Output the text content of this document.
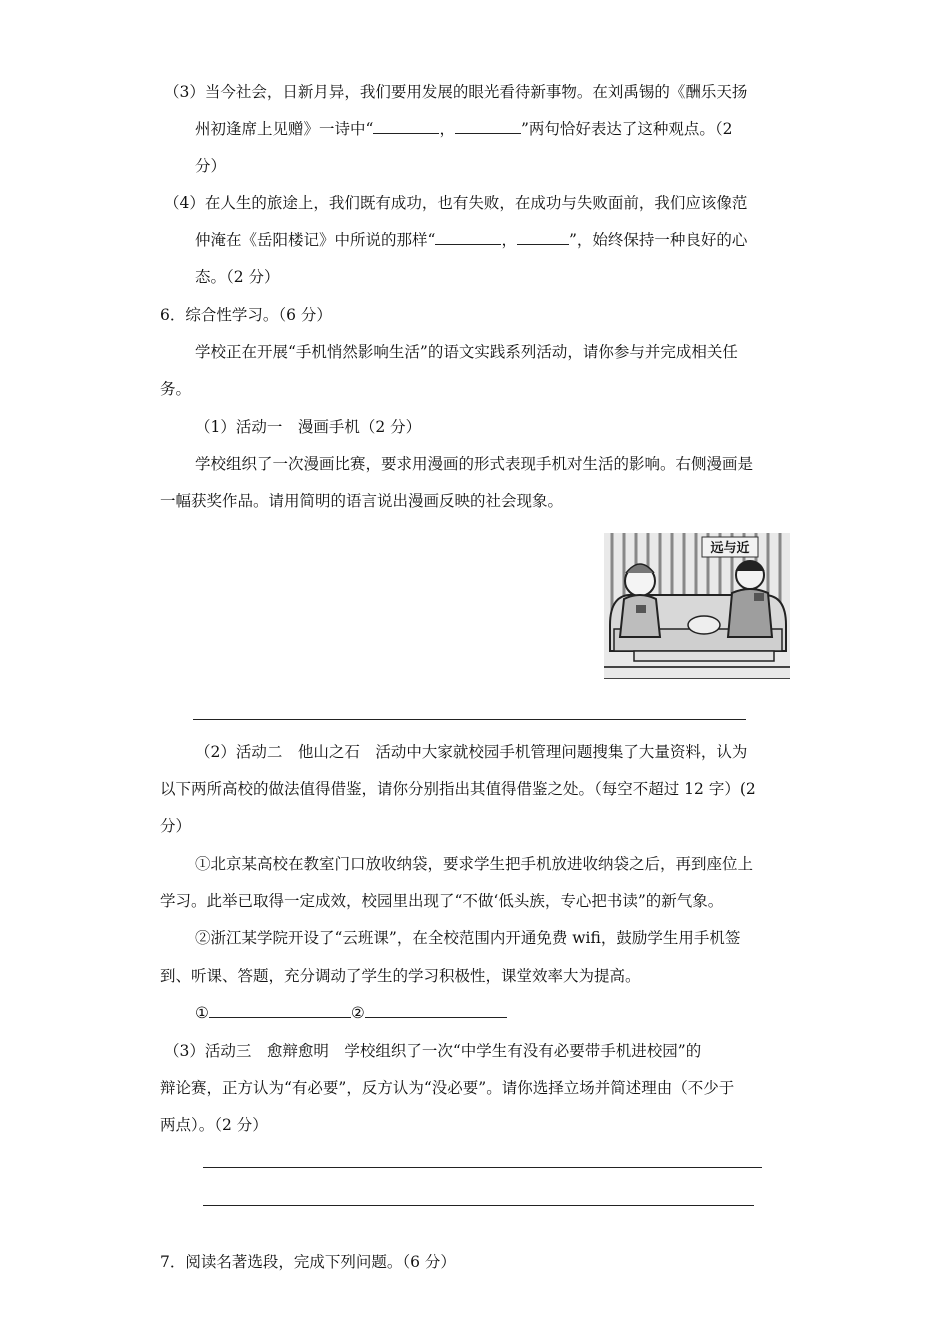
（3）当今社会，日新月异，我们要用发展的眼光看待新事物。在刘禹锡的《酬乐天扬
州初逢席上见赠》一诗中“	，	”两句恰好表达了这种观点。（2
分）
（4）在人生的旅途上，我们既有成功，也有失败，在成功与失败面前，我们应该像范
仲淹在《岳阳楼记》中所说的那样“	，	”，始终保持一种良好的心
态。（2 分）
6．综合性学习。（6 分）
学校正在开展“手机悄然影响生活”的语文实践系列活动，请你参与并完成相关任
务。
（1）活动一　漫画手机（2 分）
学校组织了一次漫画比赛，要求用漫画的形式表现手机对生活的影响。右侧漫画是
一幅获奖作品。请用简明的语言说出漫画反映的社会现象。
远与近
（2）活动二　他山之石　活动中大家就校园手机管理问题搜集了大量资料，认为
以下两所高校的做法值得借鉴，请你分别指出其值得借鉴之处。（每空不超过 12 字）(2
分）
①北京某高校在教室门口放收纳袋，要求学生把手机放进收纳袋之后，再到座位上
学习。此举已取得一定成效，校园里出现了“不做‘低头族，专心把书读”的新气象。
②浙江某学院开设了“云班课”，在全校范围内开通免费 wifi，鼓励学生用手机签
到、听课、答题，充分调动了学生的学习积极性，课堂效率大为提高。
①	②
（3）活动三　愈辩愈明　学校组织了一次“中学生有没有必要带手机进校园”的
辩论赛，正方认为“有必要”，反方认为“没必要”。请你选择立场并简述理由（不少于
两点）。（2 分）
7．阅读名著选段，完成下列问题。（6 分）
